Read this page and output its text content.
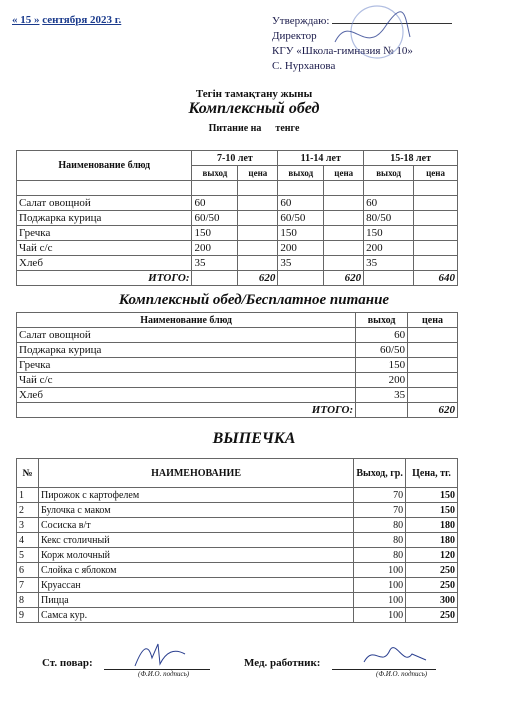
« 15 » сентября 2023 г.	Утверждаю:
Директор
КГУ «Школа-гимназия № 10»
С. Нурханова
Тегін тамақтану жыны
Комплексный обед
Питание на тенге
Наименование блюд	7-10 лет		11-14 лет		15-18 лет	
	выход	цена	выход	цена	выход	цена

Салат овощной	60		60		60	
Поджарка курица	60/50		60/50		80/50	
Гречка	150		150		150	
Чай с/с	200		200		200	
Хлеб	35		35		35	
ИТОГО:		620		620		640
Комплексный обед/Бесплатное питание
Наименование блюд	выход	цена
Салат овощной	60	
Поджарка курица	60/50	
Гречка	150	
Чай с/с	200	
Хлеб	35	
ИТОГО:		620
ВЫПЕЧКА
№	НАИМЕНОВАНИЕ	Выход, гр.	Цена, тг.
1	Пирожок с картофелем	70	150
2	Булочка с маком	70	150
3	Сосиска в/т	80	180
4	Кекс столичный	80	180
5	Корж молочный	80	120
6	Слойка с яблоком	100	250
7	Круассан	100	250
8	Пицца	100	300
9	Самса кур.	100	250
Ст. повар:
(Ф.И.О. подпись)
Мед. работник:
(Ф.И.О. подпись)
